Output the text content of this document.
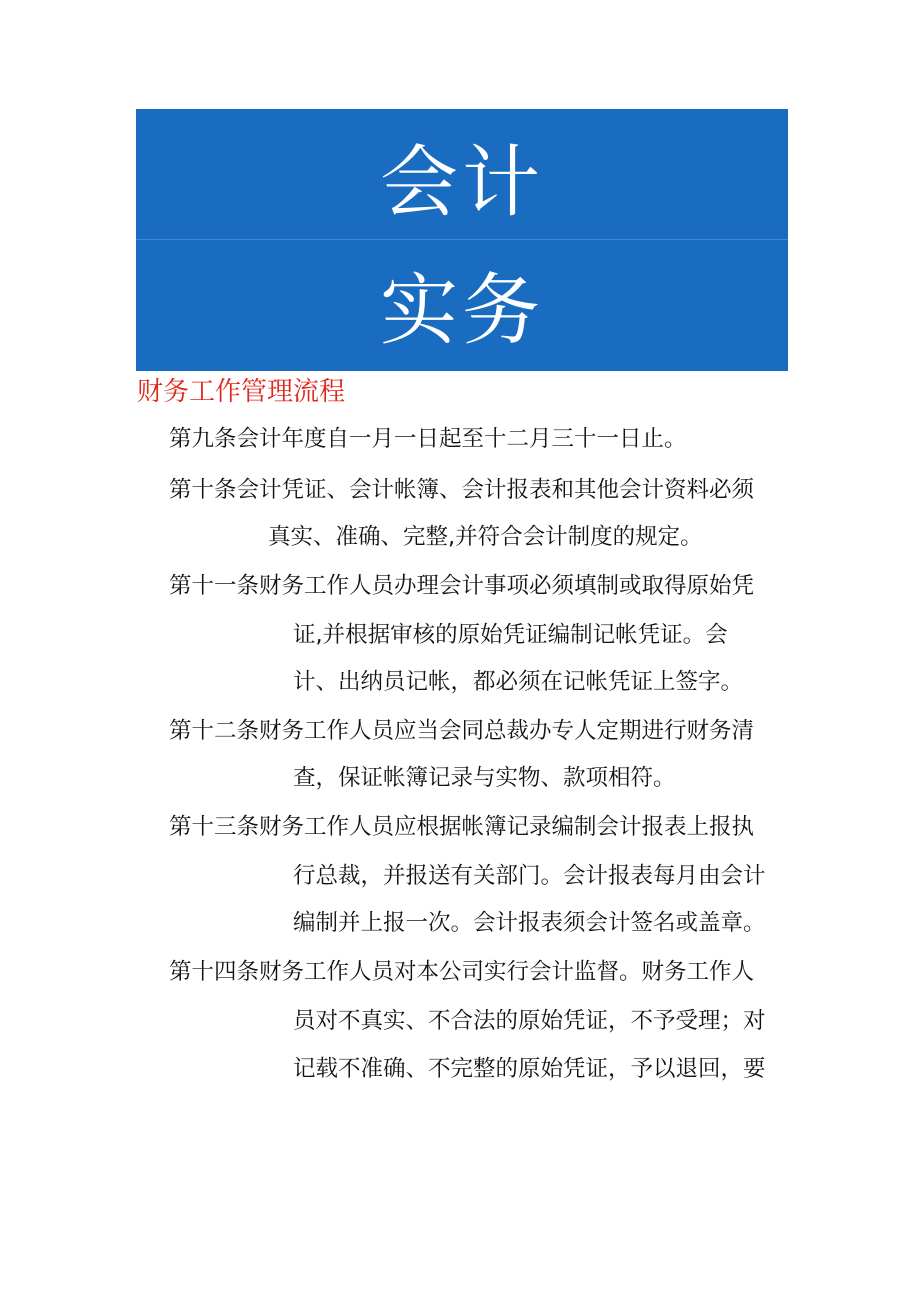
会计
实务
财务工作管理流程
第九条会计年度自一月一日起至十二月三十一日止。
第十条会计凭证、会计帐簿、会计报表和其他会计资料必须
真实、准确、完整,并符合会计制度的规定。
第十一条财务工作人员办理会计事项必须填制或取得原始凭
证,并根据审核的原始凭证编制记帐凭证。会
计、出纳员记帐，都必须在记帐凭证上签字。
第十二条财务工作人员应当会同总裁办专人定期进行财务清
查，保证帐簿记录与实物、款项相符。
第十三条财务工作人员应根据帐簿记录编制会计报表上报执
行总裁，并报送有关部门。会计报表每月由会计
编制并上报一次。会计报表须会计签名或盖章。
第十四条财务工作人员对本公司实行会计监督。财务工作人
员对不真实、不合法的原始凭证，不予受理；对
记载不准确、不完整的原始凭证，予以退回，要
